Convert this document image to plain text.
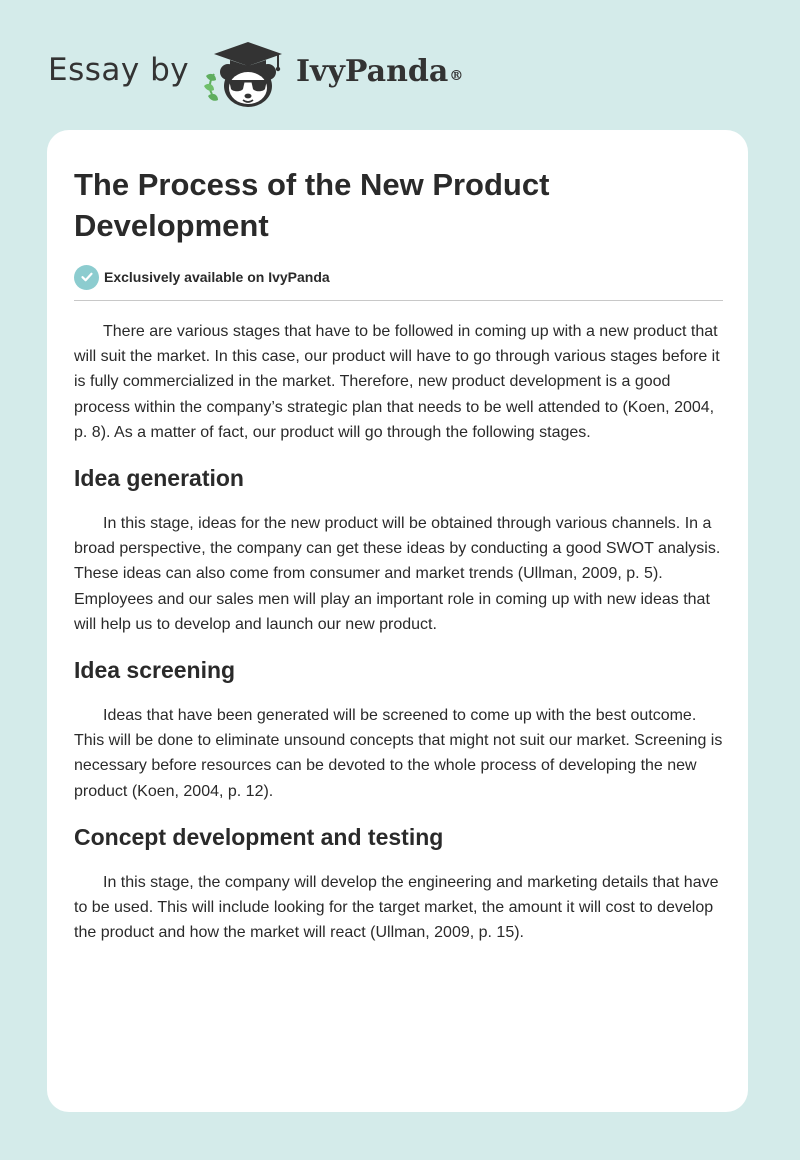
Essay by	IvyPanda®
The Process of the New Product Development
Exclusively available on IvyPanda

There are various stages that have to be followed in coming up with a new product that will suit the market. In this case, our product will have to go through various stages before it is fully commercialized in the market. Therefore, new product development is a good process within the company’s strategic plan that needs to be well attended to (Koen, 2004, p. 8). As a matter of fact, our product will go through the following stages.

Idea generation

In this stage, ideas for the new product will be obtained through various channels. In a broad perspective, the company can get these ideas by conducting a good SWOT analysis. These ideas can also come from consumer and market trends (Ullman, 2009, p. 5). Employees and our sales men will play an important role in coming up with new ideas that will help us to develop and launch our new product.

Idea screening

Ideas that have been generated will be screened to come up with the best outcome. This will be done to eliminate unsound concepts that might not suit our market. Screening is necessary before resources can be devoted to the whole process of developing the new product (Koen, 2004, p. 12).

Concept development and testing

In this stage, the company will develop the engineering and marketing details that have to be used. This will include looking for the target market, the amount it will cost to develop the product and how the market will react (Ullman, 2009, p. 15).
